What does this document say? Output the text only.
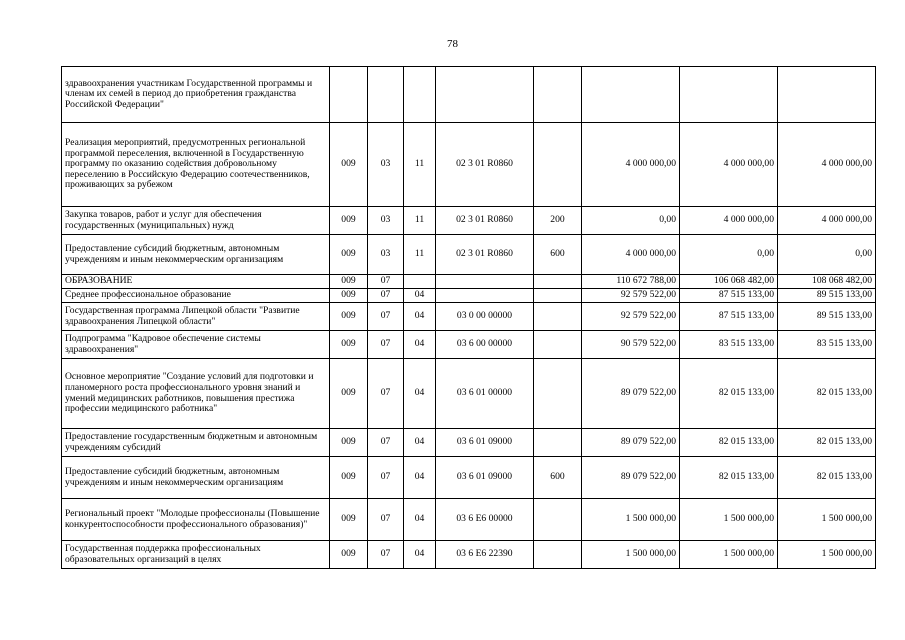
78
здравоохранения участникам Государственной программы и членам их семей в период до приобретения гражданства Российской Федерации"								
Реализация мероприятий, предусмотренных региональной программой переселения, включенной в Государственную программу по оказанию содействия добровольному переселению в Российскую Федерацию соотечественников, проживающих за рубежом	009	03	11	02 3 01 R0860		4 000 000,00	4 000 000,00	4 000 000,00
Закупка товаров, работ и услуг для обеспечения государственных (муниципальных) нужд	009	03	11	02 3 01 R0860	200	0,00	4 000 000,00	4 000 000,00
Предоставление субсидий бюджетным, автономным учреждениям и иным некоммерческим организациям	009	03	11	02 3 01 R0860	600	4 000 000,00	0,00	0,00
ОБРАЗОВАНИЕ	009	07				110 672 788,00	106 068 482,00	108 068 482,00
Среднее профессиональное образование	009	07	04			92 579 522,00	87 515 133,00	89 515 133,00
Государственная программа Липецкой области "Развитие здравоохранения Липецкой области"	009	07	04	03 0 00 00000		92 579 522,00	87 515 133,00	89 515 133,00
Подпрограмма "Кадровое обеспечение системы здравоохранения"	009	07	04	03 6 00 00000		90 579 522,00	83 515 133,00	83 515 133,00
Основное мероприятие "Создание условий для подготовки и планомерного роста профессионального уровня знаний и умений медицинских работников, повышения престижа профессии медицинского работника"	009	07	04	03 6 01 00000		89 079 522,00	82 015 133,00	82 015 133,00
Предоставление государственным бюджетным и автономным учреждениям субсидий	009	07	04	03 6 01 09000		89 079 522,00	82 015 133,00	82 015 133,00
Предоставление субсидий бюджетным, автономным учреждениям и иным некоммерческим организациям	009	07	04	03 6 01 09000	600	89 079 522,00	82 015 133,00	82 015 133,00
Региональный проект "Молодые профессионалы (Повышение конкурентоспособности профессионального образования)"	009	07	04	03 6 E6 00000		1 500 000,00	1 500 000,00	1 500 000,00
Государственная поддержка профессиональных образовательных организаций в целях	009	07	04	03 6 E6 22390		1 500 000,00	1 500 000,00	1 500 000,00
